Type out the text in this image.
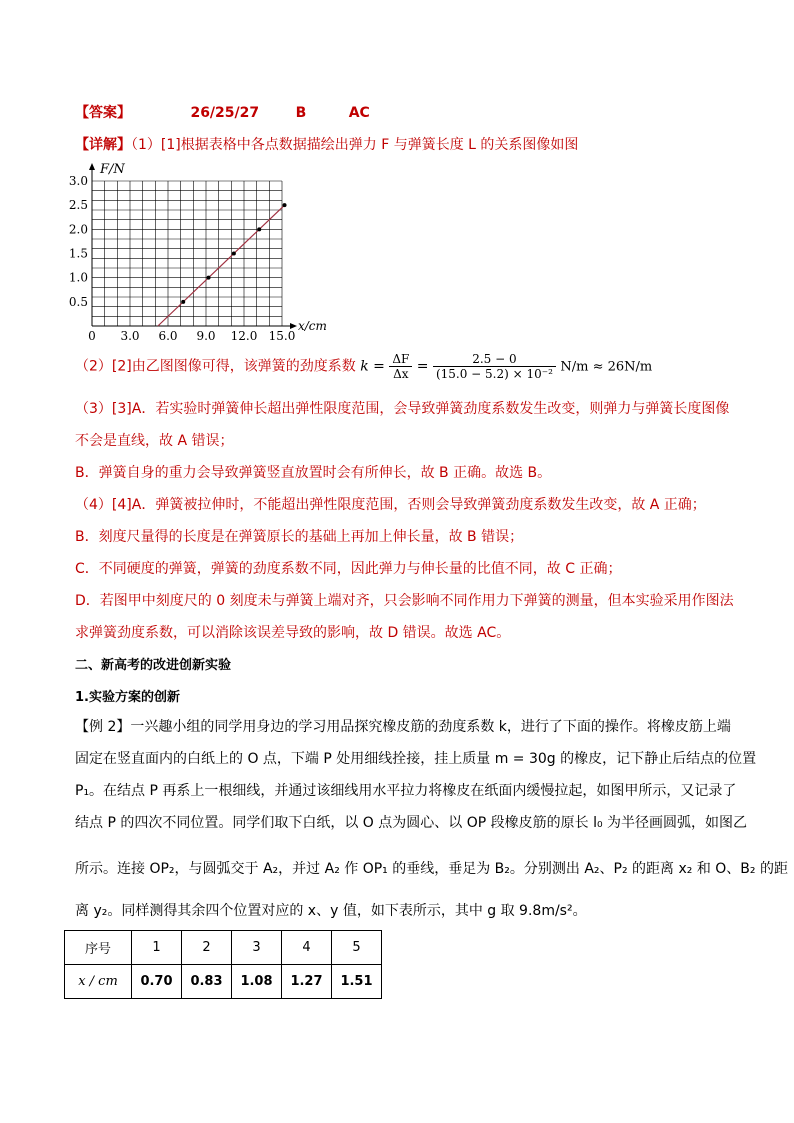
【答案】	26/25/27	B	AC
【详解】（1）[1]根据表格中各点数据描绘出弹力 F 与弹簧长度 L 的关系图像如图
F/N
x/cm
0 3.0 6.0 9.0 12.0 15.0
0.5
1.0
1.5
2.0
2.5
3.0
（2）[2]由乙图图像可得，该弹簧的劲度系数 $k = \frac{\Delta F}{\Delta x} = \frac{2.5 - 0}{\text{(15.0 − 5.2) × 10⁻²}} N/m \approx 26N/m$
（3）[3]A．若实验时弹簧伸长超出弹性限度范围，会导致弹簧劲度系数发生改变，则弹力与弹簧长度图像
不会是直线，故 A 错误；
B．弹簧自身的重力会导致弹簧竖直放置时会有所伸长，故 B 正确。故选 B。
（4）[4]A．弹簧被拉伸时，不能超出弹性限度范围，否则会导致弹簧劲度系数发生改变，故 A 正确；
B．刻度尺量得的长度是在弹簧原长的基础上再加上伸长量，故 B 错误；
C．不同硬度的弹簧，弹簧的劲度系数不同，因此弹力与伸长量的比值不同，故 C 正确；
D．若图甲中刻度尺的 0 刻度未与弹簧上端对齐，只会影响不同作用力下弹簧的测量，但本实验采用作图法
求弹簧劲度系数，可以消除该误差导致的影响，故 D 错误。故选 AC。
二、新高考的改进创新实验
1.实验方案的创新
【例 2】一兴趣小组的同学用身边的学习用品探究橡皮筋的劲度系数 k，进行了下面的操作。将橡皮筋上端
固定在竖直面内的白纸上的 O 点，下端 P 处用细线拴接，挂上质量 m = 30g 的橡皮，记下静止后结点的位置
P₁。在结点 P 再系上一根细线，并通过该细线用水平拉力将橡皮在纸面内缓慢拉起，如图甲所示，又记录了
结点 P 的四次不同位置。同学们取下白纸，以 O 点为圆心、以 OP 段橡皮筋的原长 l₀ 为半径画圆弧，如图乙
所示。连接 OP₂，与圆弧交于 A₂，并过 A₂ 作 OP₁ 的垂线，垂足为 B₂。分别测出 A₂、P₂ 的距离 x₂ 和 O、B₂ 的距
离 y₂。同样测得其余四个位置对应的 x、y 值，如下表所示，其中 g 取 9.8m/s²。
序号	1	2	3	4	5
x / cm	0.70	0.83	1.08	1.27	1.51
